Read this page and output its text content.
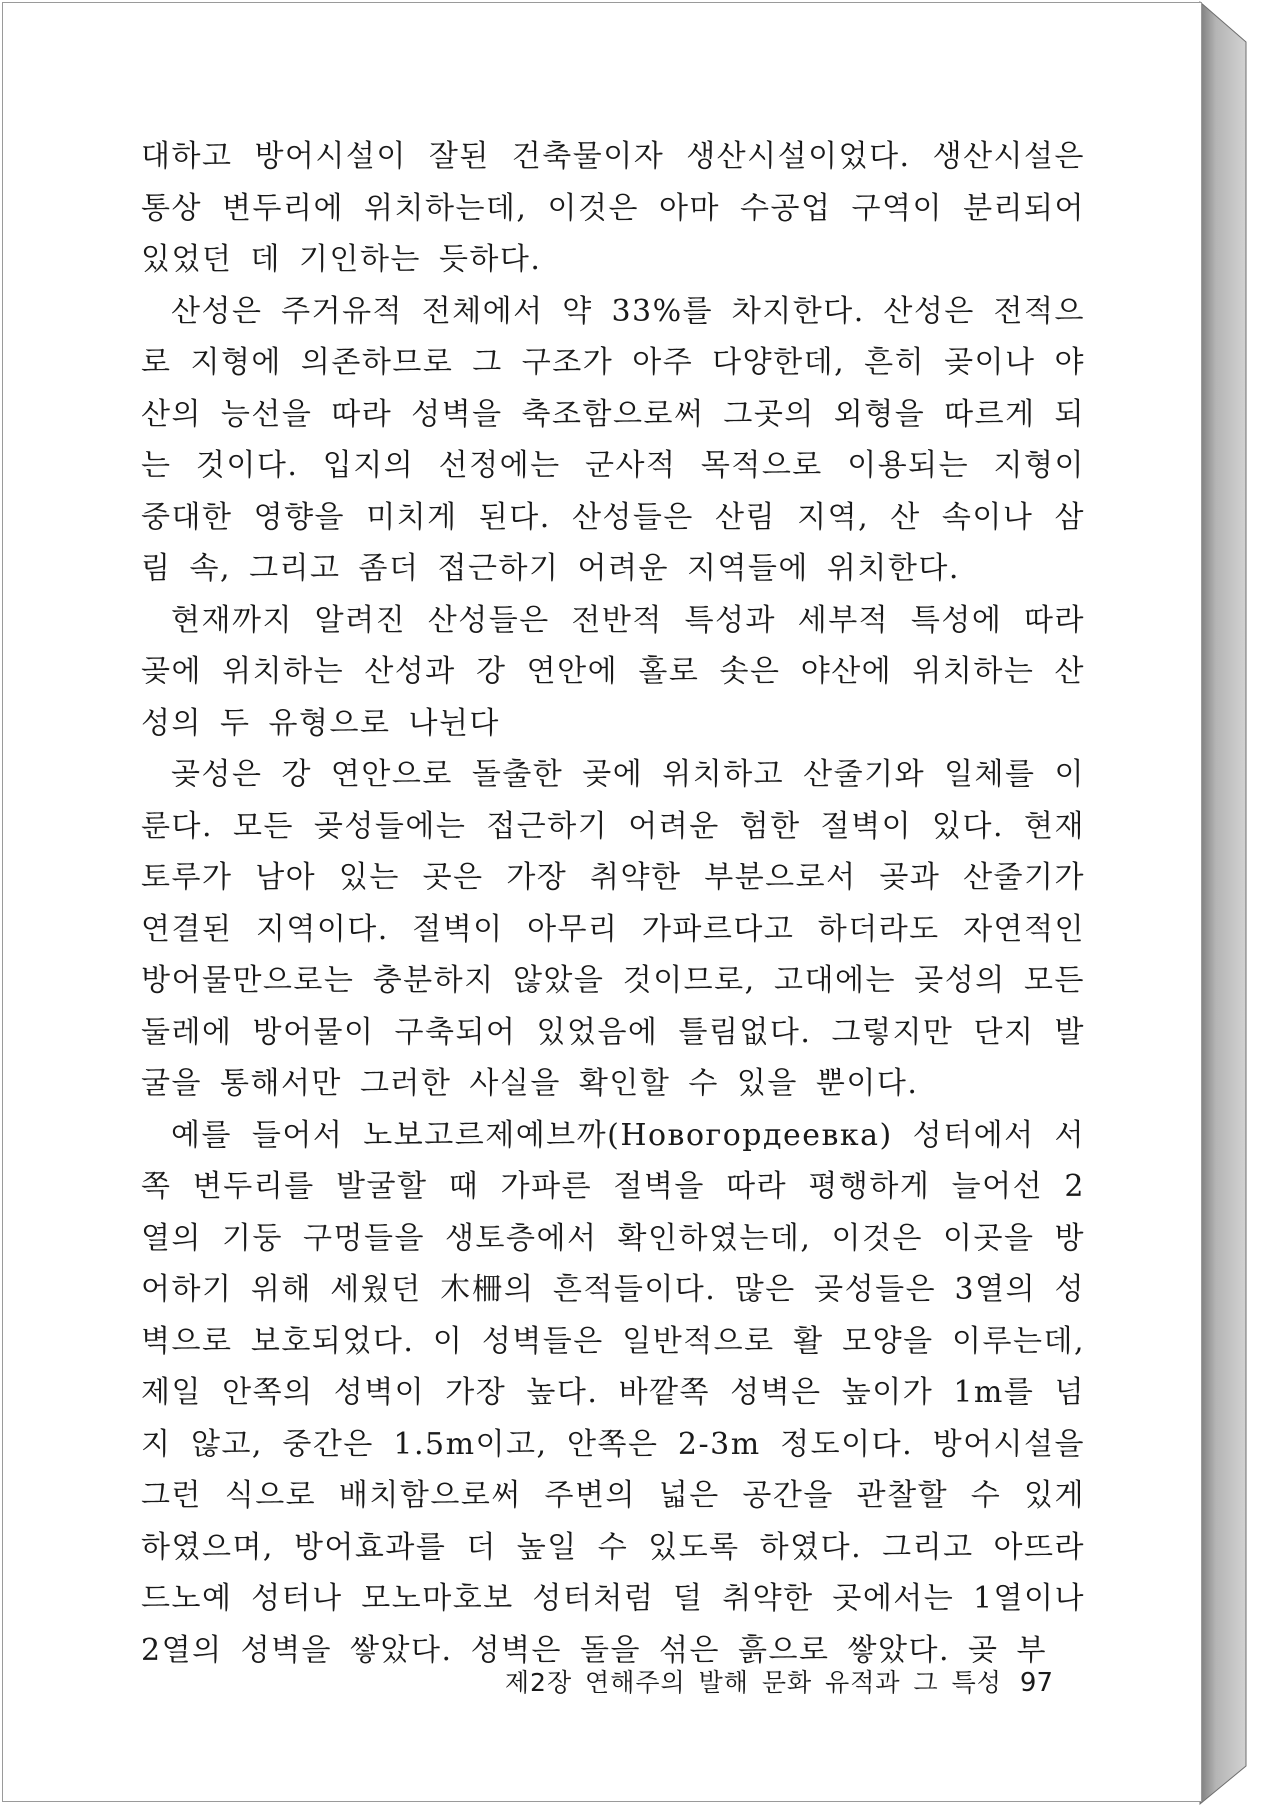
대하고 방어시설이 잘된 건축물이자 생산시설이었다. 생산시설은 통상 변두리에 위치하는데, 이것은 아마 수공업 구역이 분리되어 있었던 데 기인하는 듯하다.

산성은 주거유적 전체에서 약 33%를 차지한다. 산성은 전적으로 지형에 의존하므로 그 구조가 아주 다양한데, 흔히 곶이나 야산의 능선을 따라 성벽을 축조함으로써 그곳의 외형을 따르게 되는 것이다. 입지의 선정에는 군사적 목적으로 이용되는 지형이 중대한 영향을 미치게 된다. 산성들은 산림 지역, 산 속이나 삼림 속, 그리고 좀더 접근하기 어려운 지역들에 위치한다.

현재까지 알려진 산성들은 전반적 특성과 세부적 특성에 따라 곶에 위치하는 산성과 강 연안에 홀로 솟은 야산에 위치하는 산성의 두 유형으로 나뉜다

곶성은 강 연안으로 돌출한 곶에 위치하고 산줄기와 일체를 이룬다. 모든 곶성들에는 접근하기 어려운 험한 절벽이 있다. 현재 토루가 남아 있는 곳은 가장 취약한 부분으로서 곶과 산줄기가 연결된 지역이다. 절벽이 아무리 가파르다고 하더라도 자연적인 방어물만으로는 충분하지 않았을 것이므로, 고대에는 곶성의 모든 둘레에 방어물이 구축되어 있었음에 틀림없다. 그렇지만 단지 발굴을 통해서만 그러한 사실을 확인할 수 있을 뿐이다.

예를 들어서 노보고르제예브까(Новогордеевка) 성터에서 서쪽 변두리를 발굴할 때 가파른 절벽을 따라 평행하게 늘어선 2열의 기둥 구멍들을 생토층에서 확인하였는데, 이것은 이곳을 방어하기 위해 세웠던 木柵의 흔적들이다. 많은 곶성들은 3열의 성벽으로 보호되었다. 이 성벽들은 일반적으로 활 모양을 이루는데, 제일 안쪽의 성벽이 가장 높다. 바깥쪽 성벽은 높이가 1m를 넘지 않고, 중간은 1.5m이고, 안쪽은 2-3m 정도이다. 방어시설을 그런 식으로 배치함으로써 주변의 넓은 공간을 관찰할 수 있게 하였으며, 방어효과를 더 높일 수 있도록 하였다. 그리고 아뜨라드노예 성터나 모노마호보 성터처럼 덜 취약한 곳에서는 1열이나 2열의 성벽을 쌓았다. 성벽은 돌을 섞은 흙으로 쌓았다. 곶 부

제2장 연해주의 발해 문화 유적과 그 특성 97
